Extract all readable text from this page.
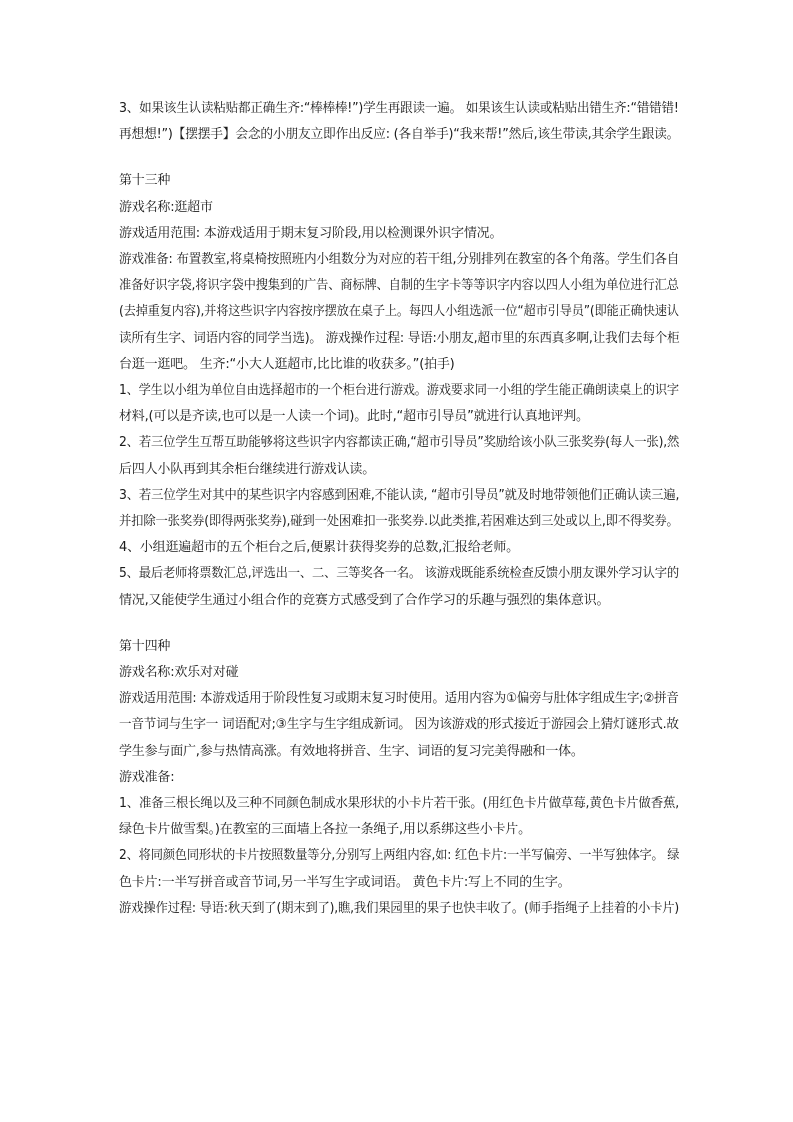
3、如果该生认读粘贴都正确生齐:“棒棒棒!”)学生再跟读一遍。 如果该生认读或粘贴出错生齐:“错错错!

再想想!”)【摆摆手】会念的小朋友立即作出反应: (各自举手)“我来帮!”然后,该生带读,其余学生跟读。

第十三种

游戏名称:逛超市

游戏适用范围: 本游戏适用于期末复习阶段,用以检测课外识字情况。

游戏准备: 布置教室,将桌椅按照班内小组数分为对应的若干组,分别排列在教室的各个角落。学生们各自

准备好识字袋,将识字袋中搜集到的广告、商标牌、自制的生字卡等等识字内容以四人小组为单位进行汇总

(去掉重复内容),并将这些识字内容按序摆放在桌子上。每四人小组选派一位“超市引导员”(即能正确快速认

读所有生字、词语内容的同学当选)。 游戏操作过程: 导语:小朋友,超市里的东西真多啊,让我们去每个柜

台逛一逛吧。 生齐:“小大人逛超市,比比谁的收获多。”(拍手)

1、学生以小组为单位自由选择超市的一个柜台进行游戏。游戏要求同一小组的学生能正确朗读桌上的识字

材料,(可以是齐读,也可以是一人读一个词)。此时,“超市引导员”就进行认真地评判。

2、若三位学生互帮互助能够将这些识字内容都读正确,“超市引导员”奖励给该小队三张奖券(每人一张),然

后四人小队再到其余柜台继续进行游戏认读。

3、若三位学生对其中的某些识字内容感到困难,不能认读, “超市引导员”就及时地带领他们正确认读三遍,

并扣除一张奖券(即得两张奖券),碰到一处困难扣一张奖券.以此类推,若困难达到三处或以上,即不得奖券。

4、小组逛遍超市的五个柜台之后,便累计获得奖券的总数,汇报给老师。

5、最后老师将票数汇总,评选出一、二、三等奖各一名。 该游戏既能系统检查反馈小朋友课外学习认字的

情况,又能使学生通过小组合作的竞赛方式感受到了合作学习的乐趣与强烈的集体意识。

第十四种

游戏名称:欢乐对对碰

游戏适用范围: 本游戏适用于阶段性复习或期末复习时使用。适用内容为①偏旁与肚体字组成生字;②拼音

一音节词与生字一 词语配对;③生字与生字组成新词。 因为该游戏的形式接近于游园会上猜灯谜形式.故

学生参与面广,参与热情高涨。有效地将拼音、生字、词语的复习完美得融和一体。

游戏准备:

1、准备三根长绳以及三种不同颜色制成水果形状的小卡片若干张。(用红色卡片做草莓,黄色卡片做香蕉,

绿色卡片做雪梨。)在教室的三面墙上各拉一条绳子,用以系绑这些小卡片。

2、将同颜色同形状的卡片按照数量等分,分别写上两组内容,如: 红色卡片:一半写偏旁、一半写独体字。 绿

色卡片:一半写拼音或音节词,另一半写生字或词语。 黄色卡片:写上不同的生字。

游戏操作过程: 导语:秋天到了(期末到了),瞧,我们果园里的果子也快丰收了。(师手指绳子上挂着的小卡片)
